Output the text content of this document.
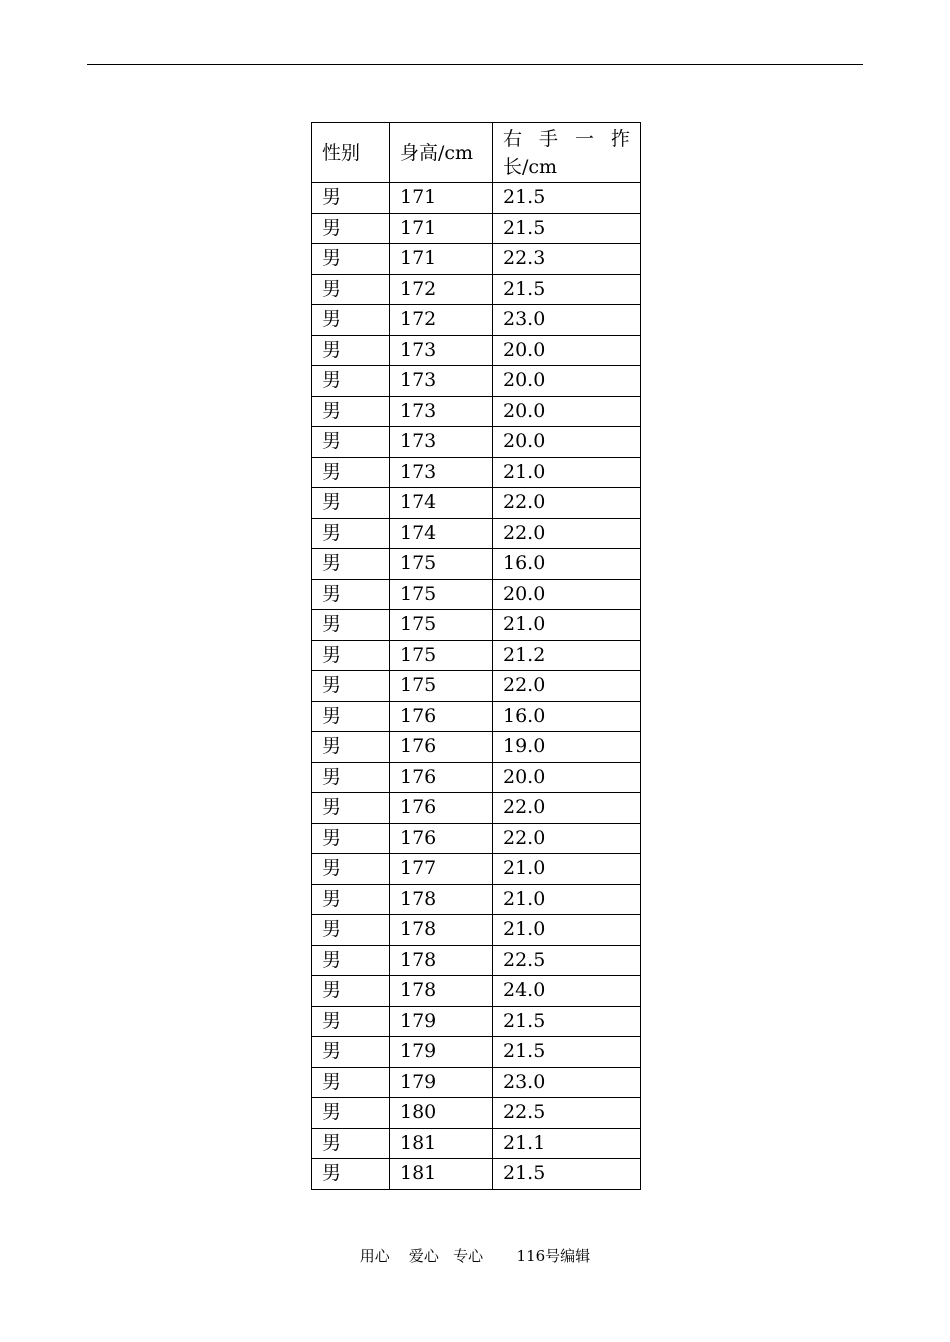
性别	身高/cm	右 手 一 拃 长/cm
男	171	21.5
男	171	21.5
男	171	22.3
男	172	21.5
男	172	23.0
男	173	20.0
男	173	20.0
男	173	20.0
男	173	20.0
男	173	21.0
男	174	22.0
男	174	22.0
男	175	16.0
男	175	20.0
男	175	21.0
男	175	21.2
男	175	22.0
男	176	16.0
男	176	19.0
男	176	20.0
男	176	22.0
男	176	22.0
男	177	21.0
男	178	21.0
男	178	21.0
男	178	22.5
男	178	24.0
男	179	21.5
男	179	21.5
男	179	23.0
男	180	22.5
男	181	21.1
男	181	21.5
用心    爱心   专心       116号编辑
